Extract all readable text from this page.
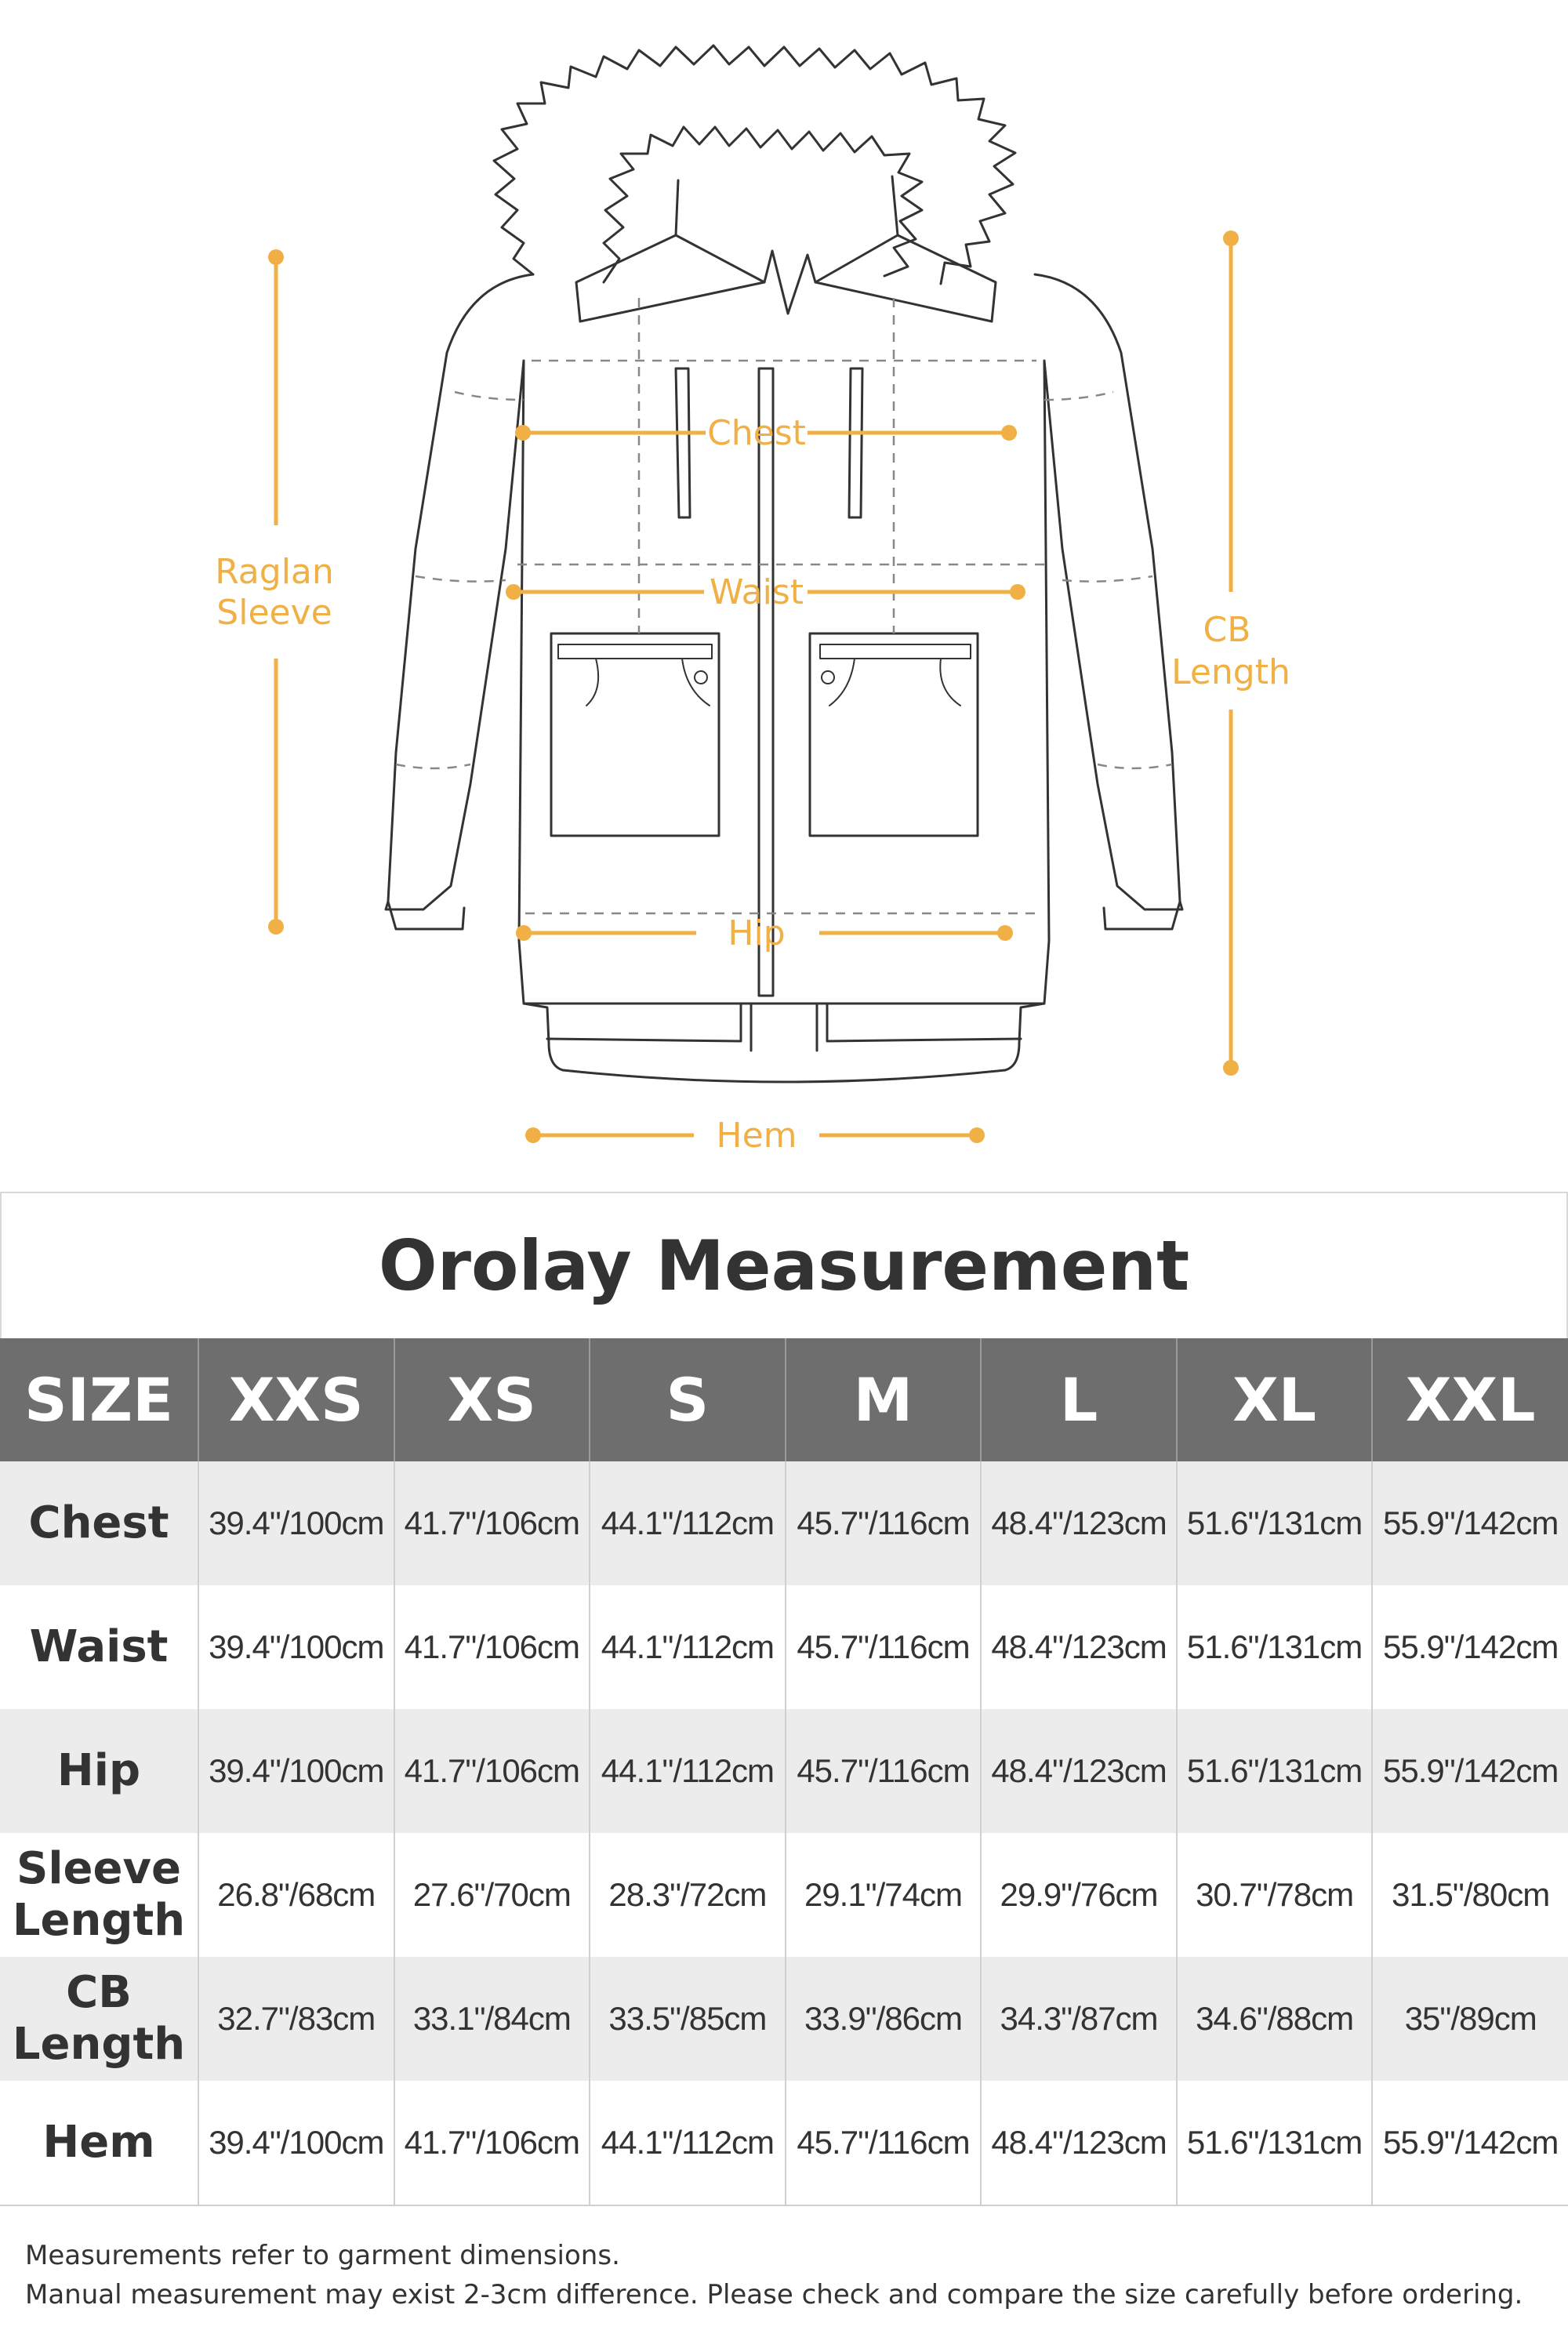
Chest
Waist
Hip
Hem
Raglan
Sleeve	CB
Length
Orolay Measurement
SIZE	XXS	XS	S	M	L	XL	XXL
Chest	39.4"/100cm	41.7"/106cm	44.1"/112cm	45.7"/116cm	48.4"/123cm	51.6"/131cm	55.9"/142cm
Waist	39.4"/100cm	41.7"/106cm	44.1"/112cm	45.7"/116cm	48.4"/123cm	51.6"/131cm	55.9"/142cm
Hip	39.4"/100cm	41.7"/106cm	44.1"/112cm	45.7"/116cm	48.4"/123cm	51.6"/131cm	55.9"/142cm
Sleeve
Length	26.8"/68cm	27.6"/70cm	28.3"/72cm	29.1"/74cm	29.9"/76cm	30.7"/78cm	31.5"/80cm
CB
Length	32.7"/83cm	33.1"/84cm	33.5"/85cm	33.9"/86cm	34.3"/87cm	34.6"/88cm	35"/89cm
Hem	39.4"/100cm	41.7"/106cm	44.1"/112cm	45.7"/116cm	48.4"/123cm	51.6"/131cm	55.9"/142cm
Measurements refer to garment dimensions.
Manual measurement may exist 2-3cm difference. Please check and compare the size carefully before ordering.
